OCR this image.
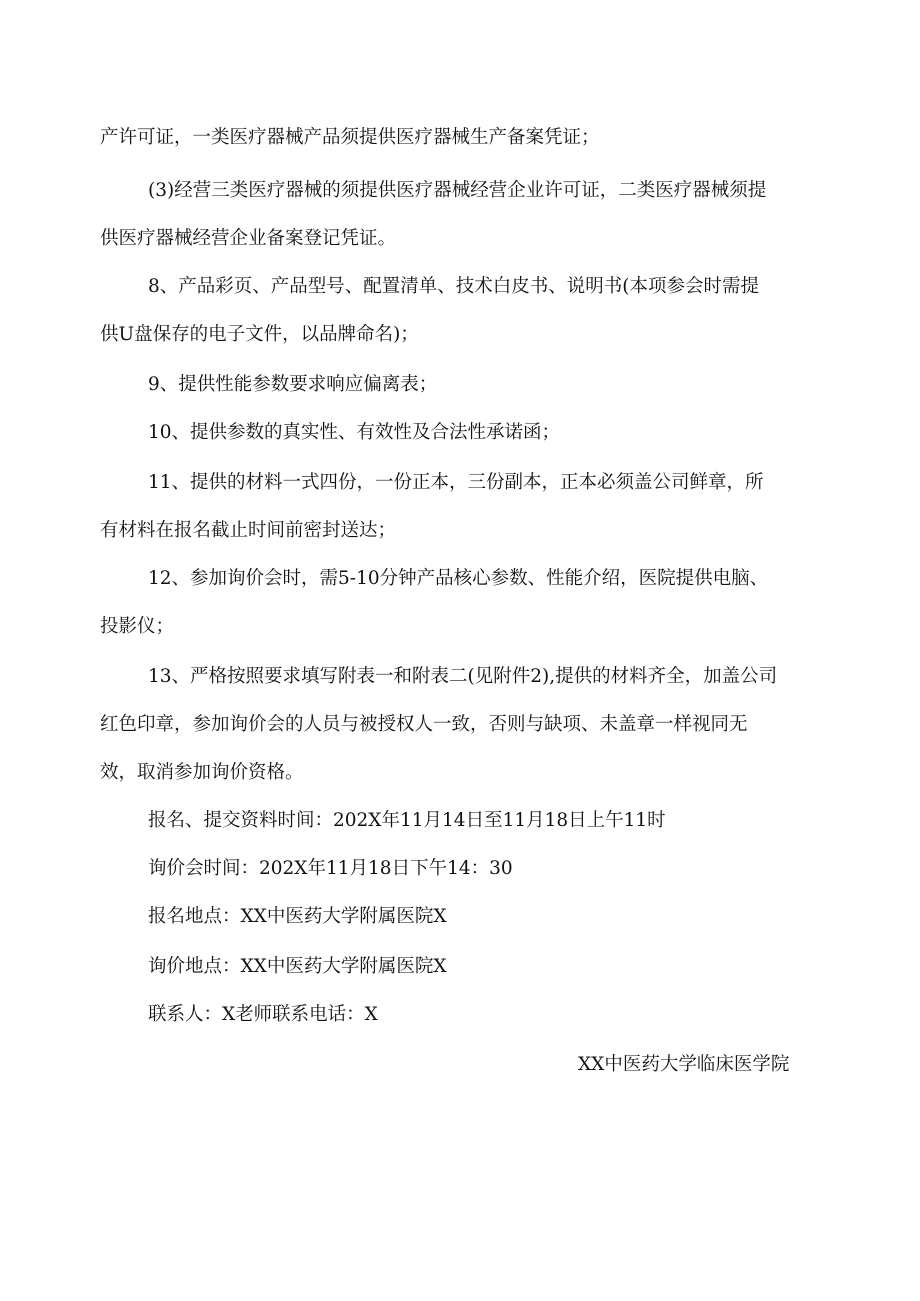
产许可证，一类医疗器械产品须提供医疗器械生产备案凭证；
(3)经营三类医疗器械的须提供医疗器械经营企业许可证，二类医疗器械须提
供医疗器械经营企业备案登记凭证。
8、产品彩页、产品型号、配置清单、技术白皮书、说明书(本项参会时需提
供U盘保存的电子文件，以品牌命名)；
9、提供性能参数要求响应偏离表；
10、提供参数的真实性、有效性及合法性承诺函；
11、提供的材料一式四份，一份正本，三份副本，正本必须盖公司鲜章，所
有材料在报名截止时间前密封送达；
12、参加询价会时，需5-10分钟产品核心参数、性能介绍，医院提供电脑、
投影仪；
13、严格按照要求填写附表一和附表二(见附件2),提供的材料齐全，加盖公司
红色印章，参加询价会的人员与被授权人一致，否则与缺项、未盖章一样视同无
效，取消参加询价资格。
报名、提交资料时间：202X年11月14日至11月18日上午11时
询价会时间：202X年11月18日下午14：30
报名地点：XX中医药大学附属医院X
询价地点：XX中医药大学附属医院X
联系人：X老师联系电话：X
XX中医药大学临床医学院
